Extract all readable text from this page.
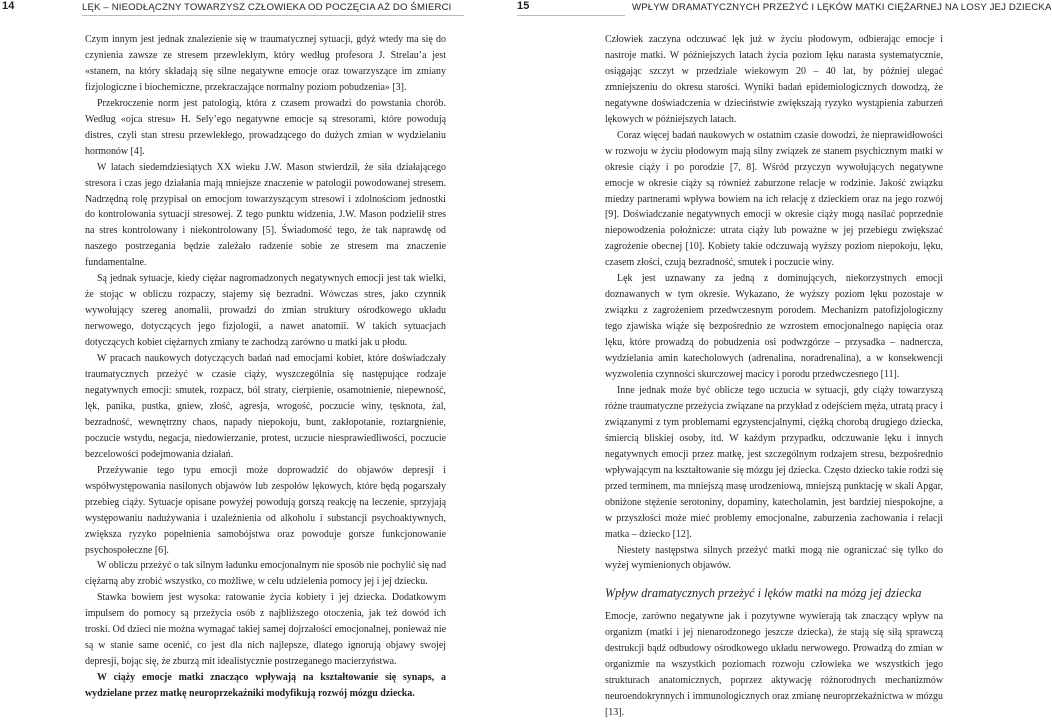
14	LĘK – NIEODŁĄCZNY TOWARZYSZ CZŁOWIEKA OD POCZĘCIA AŻ DO ŚMIERCI

Czym innym jest jednak znalezienie się w traumatycznej sytuacji, gdyż wtedy ma się do czynienia zawsze ze stresem przewlekłym, który według profesora J. Strelau’a jest «stanem, na który składają się silne negatywne emocje oraz towarzyszące im zmiany fizjologiczne i biochemiczne, przekraczające normalny poziom pobudzenia» [3].

Przekroczenie norm jest patologią, która z czasem prowadzi do powstania chorób. Według «ojca stresu» H. Sely’ego negatywne emocje są stresorami, które powodują distres, czyli stan stresu przewlekłego, prowadzącego do dużych zmian w wydzielaniu hormonów [4].

W latach siedemdziesiątych XX wieku J.W. Mason stwierdził, że siła działającego stresora i czas jego działania mają mniejsze znaczenie w patologii powodowanej stresem. Nadrzędną rolę przypisał on emocjom towarzyszącym stresowi i zdolnościom jednostki do kontrolowania sytuacji stresowej. Z tego punktu widzenia, J.W. Mason podzielił stres na stres kontrolowany i niekontrolowany [5]. Świadomość tego, że tak naprawdę od naszego postrzegania będzie zależało radzenie sobie ze stresem ma znaczenie fundamentalne.

Są jednak sytuacje, kiedy ciężar nagromadzonych negatywnych emocji jest tak wielki, że stojąc w obliczu rozpaczy, stajemy się bezradni. Wówczas stres, jako czynnik wywołujący szereg anomalii, prowadzi do zmian struktury ośrodkowego układu nerwowego, dotyczących jego fizjologii, a nawet anatomii. W takich sytuacjach dotyczących kobiet ciężarnych zmiany te zachodzą zarówno u matki jak u płodu.

W pracach naukowych dotyczących badań nad emocjami kobiet, które doświadczały traumatycznych przeżyć w czasie ciąży, wyszczególnia się następujące rodzaje negatywnych emocji: smutek, rozpacz, ból straty, cierpienie, osamotnienie, niepewność, lęk, panika, pustka, gniew, złość, agresja, wrogość, poczucie winy, tęsknota, żal, bezradność, wewnętrzny chaos, napady niepokoju, bunt, zakłopotanie, roztargnienie, poczucie wstydu, negacja, niedowierzanie, protest, uczucie niesprawiedliwości, poczucie bezcelowości podejmowania działań.

Przeżywanie tego typu emocji może doprowadzić do objawów depresji i współwystępowania nasilonych objawów lub zespołów lękowych, które będą pogarszały przebieg ciąży. Sytuacje opisane powyżej powodują gorszą reakcję na leczenie, sprzyjają występowaniu nadużywania i uzależnienia od alkoholu i substancji psychoaktywnych, zwiększa ryzyko popełnienia samobójstwa oraz powoduje gorsze funkcjonowanie psychospołeczne [6].

W obliczu przeżyć o tak silnym ładunku emocjonalnym nie sposób nie pochylić się nad ciężarną aby zrobić wszystko, co możliwe, w celu udzielenia pomocy jej i jej dziecku.

Stawka bowiem jest wysoka: ratowanie życia kobiety i jej dziecka. Dodatkowym impulsem do pomocy są przeżycia osób z najbliższego otoczenia, jak też dowód ich troski. Od dzieci nie można wymagać takiej samej dojrzałości emocjonalnej, ponieważ nie są w stanie same ocenić, co jest dla nich najlepsze, dlatego ignorują objawy swojej depresji, bojąc się, że zburzą mit idealistycznie postrzeganego macierzyństwa.

W ciąży emocje matki znacząco wpływają na kształtowanie się synaps, a wydzielane przez matkę neuroprzekaźniki modyfikują rozwój mózgu dziecka.

15	WPŁYW DRAMATYCZNYCH PRZEŻYĆ I LĘKÓW MATKI CIĘŻARNEJ NA LOSY JEJ DZIECKA

Człowiek zaczyna odczuwać lęk już w życiu płodowym, odbierając emocje i nastroje matki. W późniejszych latach życia poziom lęku narasta systematycznie, osiągając szczyt w przedziale wiekowym 20 – 40 lat, by później ulegać zmniejszeniu do okresu starości. Wyniki badań epidemiologicznych dowodzą, że negatywne doświadczenia w dzieciństwie zwiększają ryzyko wystąpienia zaburzeń lękowych w późniejszych latach.

Coraz więcej badań naukowych w ostatnim czasie dowodzi, że nieprawidłowości w rozwoju w życiu płodowym mają silny związek ze stanem psychicznym matki w okresie ciąży i po porodzie [7, 8]. Wśród przyczyn wywołujących negatywne emocje w okresie ciąży są również zaburzone relacje w rodzinie. Jakość związku miedzy partnerami wpływa bowiem na ich relację z dzieckiem oraz na jego rozwój [9]. Doświadczanie negatywnych emocji w okresie ciąży mogą nasilać poprzednie niepowodzenia położnicze: utrata ciąży lub poważne w jej przebiegu zwiększać zagrożenie obecnej [10]. Kobiety takie odczuwają wyższy poziom niepokoju, lęku, czasem złości, czują bezradność, smutek i poczucie winy.

Lęk jest uznawany za jedną z dominujących, niekorzystnych emocji doznawanych w tym okresie. Wykazano, że wyższy poziom lęku pozostaje w związku z zagrożeniem przedwczesnym porodem. Mechanizm patofizjologiczny tego zjawiska wiąże się bezpośrednio ze wzrostem emocjonalnego napięcia oraz lęku, które prowadzą do pobudzenia osi podwzgórze – przysadka – nadnercza, wydzielania amin katecholowych (adrenalina, noradrenalina), a w konsekwencji wyzwolenia czynności skurczowej macicy i porodu przedwczesnego [11].

Inne jednak może być oblicze tego uczucia w sytuacji, gdy ciąży towarzyszą różne traumatyczne przeżycia związane na przykład z odejściem męża, utratą pracy i związanymi z tym problemami egzystencjalnymi, ciężką chorobą drugiego dziecka, śmiercią bliskiej osoby, itd. W każdym przypadku, odczuwanie lęku i innych negatywnych emocji przez matkę, jest szczególnym rodzajem stresu, bezpośrednio wpływającym na kształtowanie się mózgu jej dziecka. Często dziecko takie rodzi się przed terminem, ma mniejszą masę urodzeniową, mniejszą punktację w skali Apgar, obniżone stężenie serotoniny, dopaminy, katecholamin, jest bardziej niespokojne, a w przyszłości może mieć problemy emocjonalne, zaburzenia zachowania i relacji matka – dziecko [12].

Niestety następstwa silnych przeżyć matki mogą nie ograniczać się tylko do wyżej wymienionych objawów.

Wpływ dramatycznych przeżyć i lęków matki na mózg jej dziecka

Emocje, zarówno negatywne jak i pozytywne wywierają tak znaczący wpływ na organizm (matki i jej nienarodzonego jeszcze dziecka), że stają się siłą sprawczą destrukcji bądź odbudowy ośrodkowego układu nerwowego. Prowadzą do zmian w organizmie na wszystkich poziomach rozwoju człowieka we wszystkich jego strukturach anatomicznych, poprzez aktywację różnorodnych mechanizmów neuroendokrynnych i immunologicznych oraz zmianę neuroprzekaźnictwa w mózgu [13].
